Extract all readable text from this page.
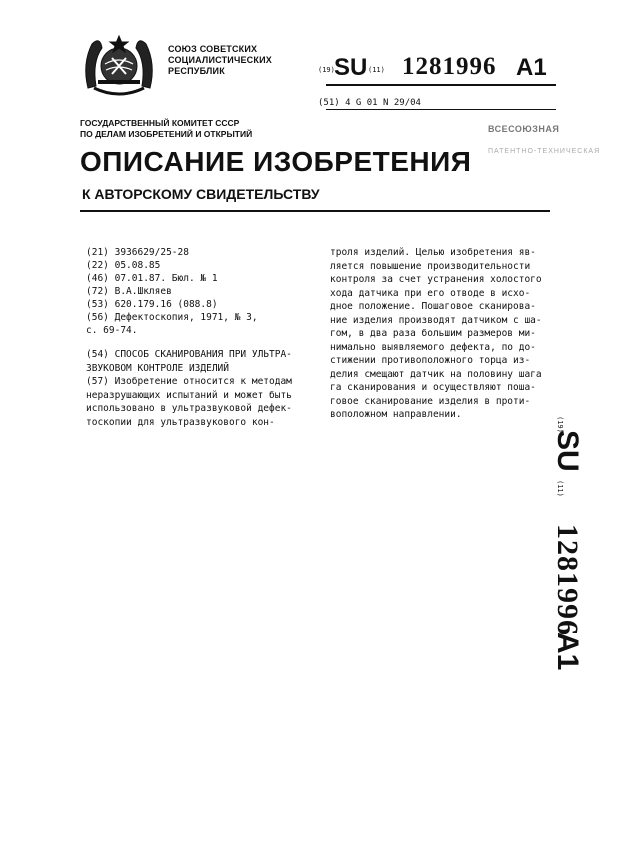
СОЮЗ СОВЕТСКИХ
СОЦИАЛИСТИЧЕСКИХ
РЕСПУБЛИК	(19) SU (11) 1281996 A1
(51) 4 G 01 N 29/04
ГОСУДАРСТВЕННЫЙ КОМИТЕТ СССР
ПО ДЕЛАМ ИЗОБРЕТЕНИЙ И ОТКРЫТИЙ	ВСЕСОЮЗНАЯ
ПАТЕНТНО-ТЕХНИЧЕСКАЯ
ОПИСАНИЕ ИЗОБРЕТЕНИЯ
К АВТОРСКОМУ СВИДЕТЕЛЬСТВУ
(21) 3936629/25-28
(22) 05.08.85
(46) 07.01.87. Бюл. № 1
(72) В.А.Шкляев
(53) 620.179.16 (088.8)
(56) Дефектоскопия, 1971, № 3,
с. 69-74.
(54) СПОСОБ СКАНИРОВАНИЯ ПРИ УЛЬТРА-
ЗВУКОВОМ КОНТРОЛЕ ИЗДЕЛИЙ
(57) Изобретение относится к методам
неразрушающих испытаний и может быть
использовано в ультразвуковой дефек-
тоскопии для ультразвукового кон-
троля изделий. Целью изобретения яв-
ляется повышение производительности
контроля за счет устранения холостого
хода датчика при его отводе в исхо-
дное положение. Пошаговое сканирова-
ние изделия производят датчиком с ша-
гом, в два раза большим размеров ми-
нимально выявляемого дефекта, по до-
стижении противоположного торца из-
делия смещают датчик на половину шага
га сканирования и осуществляют поша-
говое сканирование изделия в проти-
воположном направлении.
(19)
SU
(11)
1281996
A1
